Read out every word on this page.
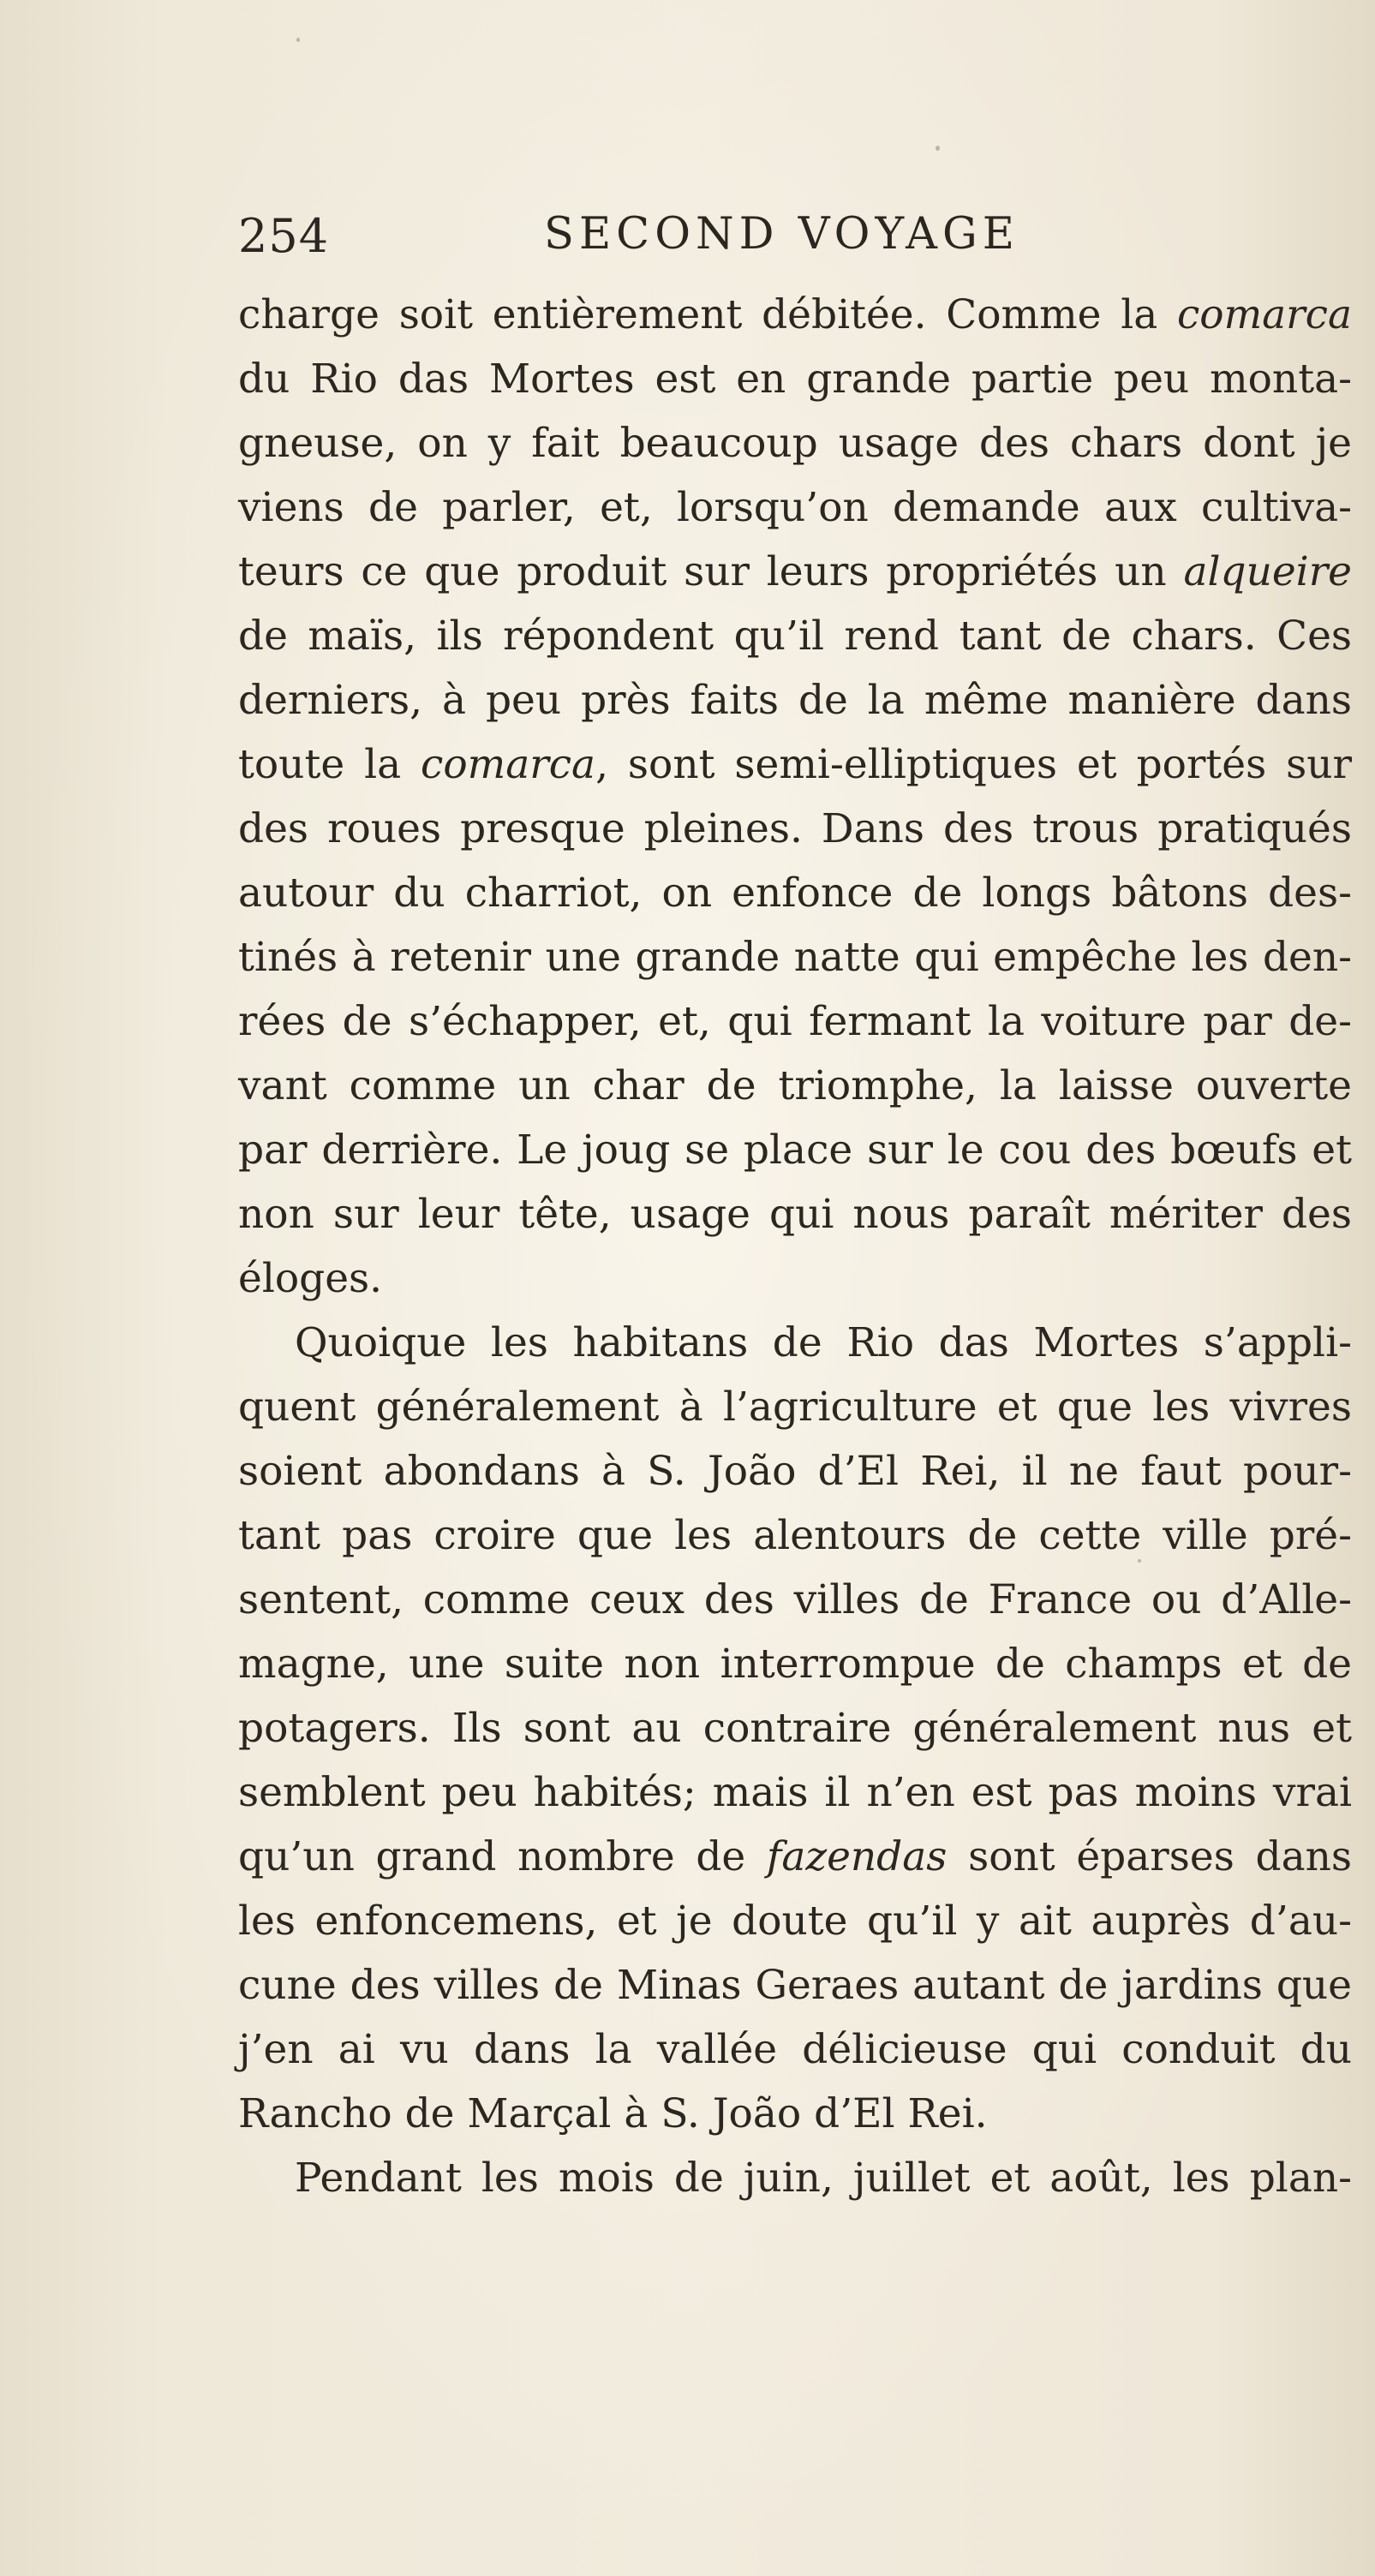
254	SECOND VOYAGE
charge soit entièrement débitée. Comme la comarca
du Rio das Mortes est en grande partie peu monta-
gneuse, on y fait beaucoup usage des chars dont je
viens de parler, et, lorsqu’on demande aux cultiva-
teurs ce que produit sur leurs propriétés un alqueire
de maïs, ils répondent qu’il rend tant de chars. Ces
derniers, à peu près faits de la même manière dans
toute la comarca, sont semi-elliptiques et portés sur
des roues presque pleines. Dans des trous pratiqués
autour du charriot, on enfonce de longs bâtons des-
tinés à retenir une grande natte qui empêche les den-
rées de s’échapper, et, qui fermant la voiture par de-
vant comme un char de triomphe, la laisse ouverte
par derrière. Le joug se place sur le cou des bœufs et
non sur leur tête, usage qui nous paraît mériter des
éloges.
Quoique les habitans de Rio das Mortes s’appli-
quent généralement à l’agriculture et que les vivres
soient abondans à S. João d’El Rei, il ne faut pour-
tant pas croire que les alentours de cette ville pré-
sentent, comme ceux des villes de France ou d’Alle-
magne, une suite non interrompue de champs et de
potagers. Ils sont au contraire généralement nus et
semblent peu habités; mais il n’en est pas moins vrai
qu’un grand nombre de fazendas sont éparses dans
les enfoncemens, et je doute qu’il y ait auprès d’au-
cune des villes de Minas Geraes autant de jardins que
j’en ai vu dans la vallée délicieuse qui conduit du
Rancho de Marçal à S. João d’El Rei.
Pendant les mois de juin, juillet et août, les plan-
